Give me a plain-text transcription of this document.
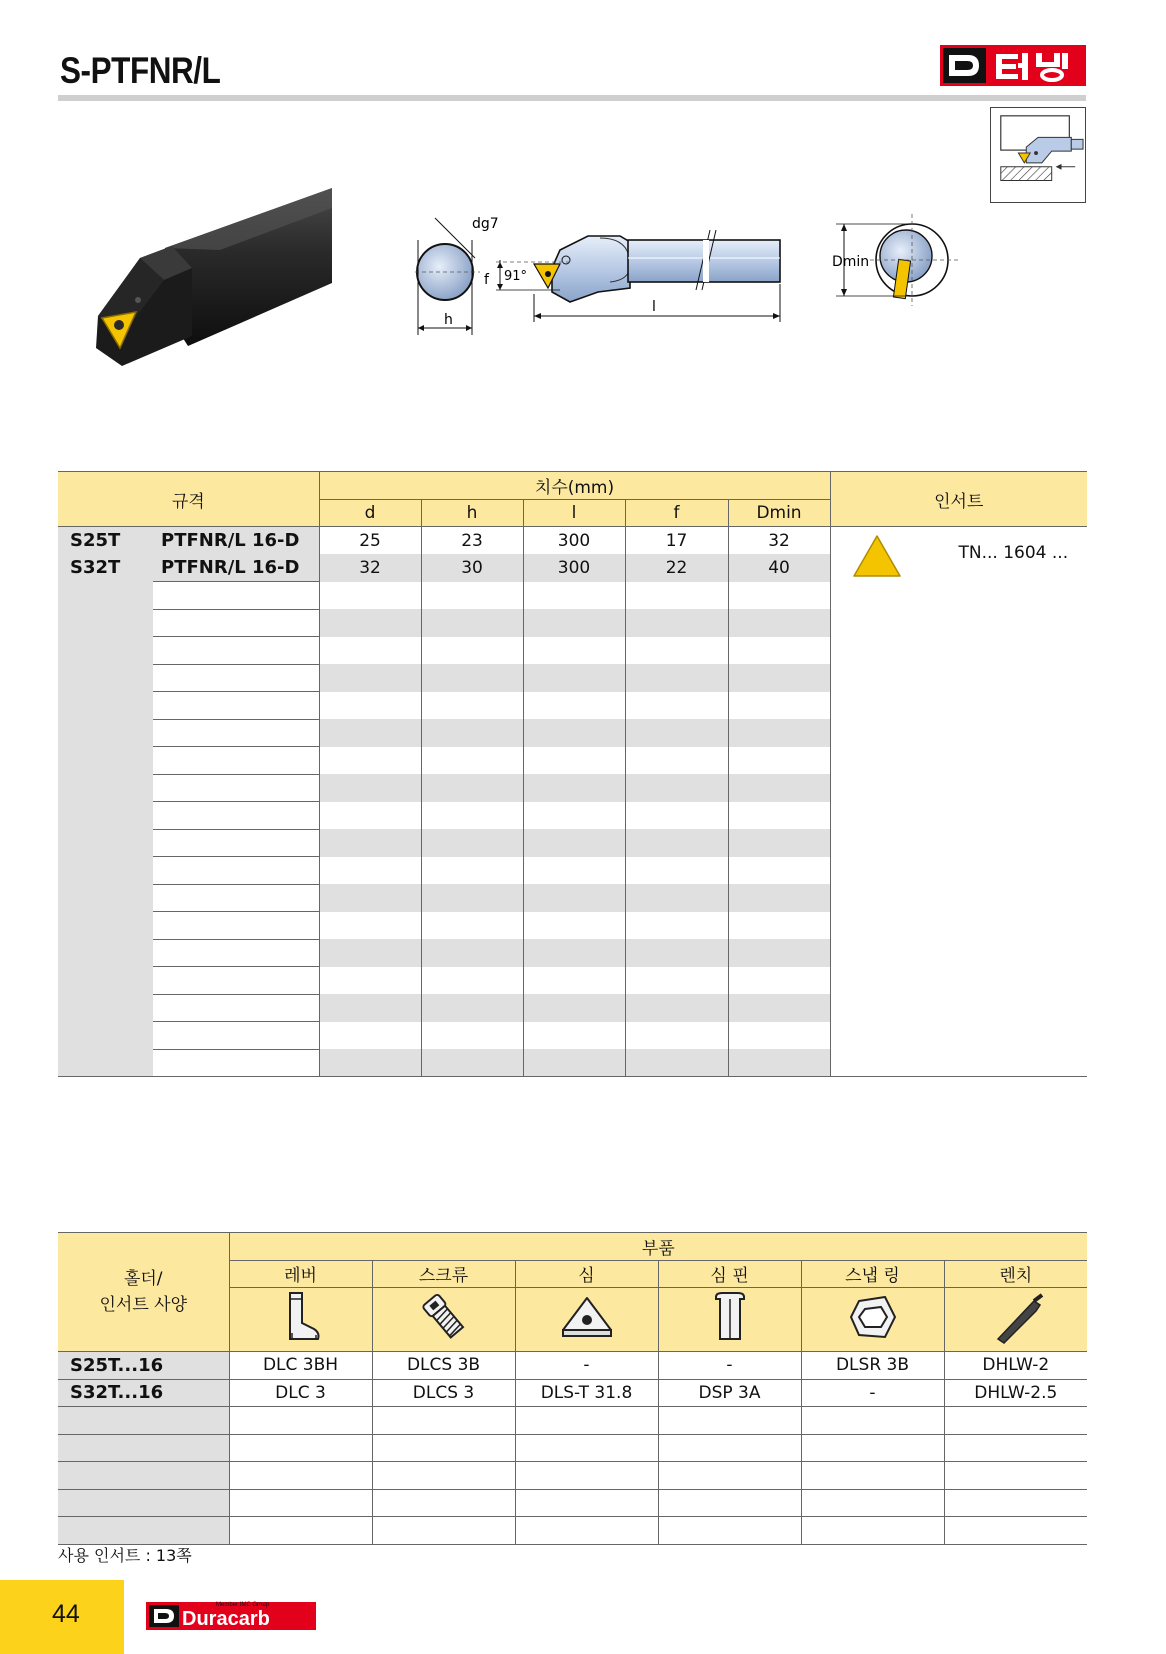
S-PTFNR/L
h
dg7
f 91°
l
Dmin
규격		치수(mm)					인서트
		d	h	l	f	Dmin	
S25T	PTFNR/L 16-D	25	23	300	17	32	TN... 1604 ...

S32T	PTFNR/L 16-D	32	30	300	22	40	

홀더/
인서트 사양	부품					
	레버	스크류	심	심 핀	스냅 링	렌치

S25T...16	DLC 3BH	DLCS 3B	-	-	DLSR 3B	DHLW-2
S32T...16	DLC 3	DLCS 3	DLS-T 31.8	DSP 3A	-	DHLW-2.5

사용 인서트 : 13쪽
44	Duracarb
Member IMC Group
